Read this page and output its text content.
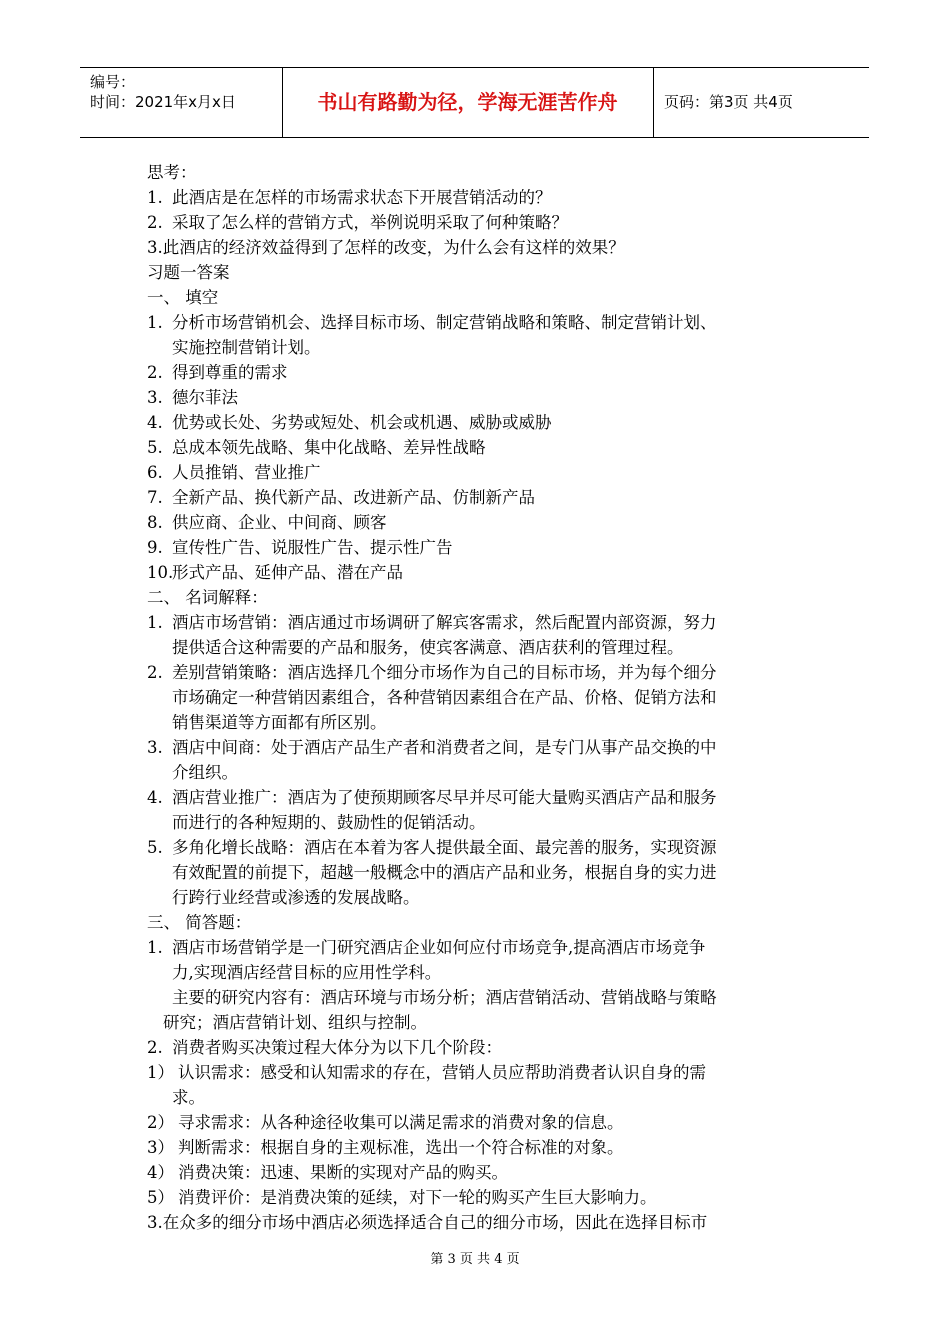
编号：
时间：2021年x月x日	书山有路勤为径，学海无涯苦作舟	页码：第3页 共4页
思考：
1. 此酒店是在怎样的市场需求状态下开展营销活动的？
2. 采取了怎么样的营销方式，举例说明采取了何种策略？
3.此酒店的经济效益得到了怎样的改变，为什么会有这样的效果？
习题一答案
一、 填空
1. 分析市场营销机会、选择目标市场、制定营销战略和策略、制定营销计划、
实施控制营销计划。
2. 得到尊重的需求
3. 德尔菲法
4. 优势或长处、劣势或短处、机会或机遇、威胁或威胁
5. 总成本领先战略、集中化战略、差异性战略
6. 人员推销、营业推广
7. 全新产品、换代新产品、改进新产品、仿制新产品
8. 供应商、企业、中间商、顾客
9. 宣传性广告、说服性广告、提示性广告
10.
形式产品、延伸产品、潜在产品
二、 名词解释：
1. 酒店市场营销：酒店通过市场调研了解宾客需求，然后配置内部资源，努力
提供适合这种需要的产品和服务，使宾客满意、酒店获利的管理过程。
2. 差别营销策略：酒店选择几个细分市场作为自己的目标市场，并为每个细分
市场确定一种营销因素组合，各种营销因素组合在产品、价格、促销方法和
销售渠道等方面都有所区别。
3. 酒店中间商：处于酒店产品生产者和消费者之间，是专门从事产品交换的中
介组织。
4. 酒店营业推广：酒店为了使预期顾客尽早并尽可能大量购买酒店产品和服务
而进行的各种短期的、鼓励性的促销活动。
5. 多角化增长战略：酒店在本着为客人提供最全面、最完善的服务，实现资源
有效配置的前提下，超越一般概念中的酒店产品和业务，根据自身的实力进
行跨行业经营或渗透的发展战略。
三、 简答题：
1. 酒店市场营销学是一门研究酒店企业如何应付市场竞争,提高酒店市场竞争
力,实现酒店经营目标的应用性学科。
主要的研究内容有：酒店环境与市场分析；酒店营销活动、营销战略与策略
研究；酒店营销计划、组织与控制。
2. 消费者购买决策过程大体分为以下几个阶段：
1） 认识需求：感受和认知需求的存在，营销人员应帮助消费者认识自身的需
求。
2） 寻求需求：从各种途径收集可以满足需求的消费对象的信息。
3） 判断需求：根据自身的主观标准，选出一个符合标准的对象。
4） 消费决策：迅速、果断的实现对产品的购买。
5） 消费评价：是消费决策的延续，对下一轮的购买产生巨大影响力。
3.在众多的细分市场中酒店必须选择适合自己的细分市场，因此在选择目标市
第 3 页 共 4 页
